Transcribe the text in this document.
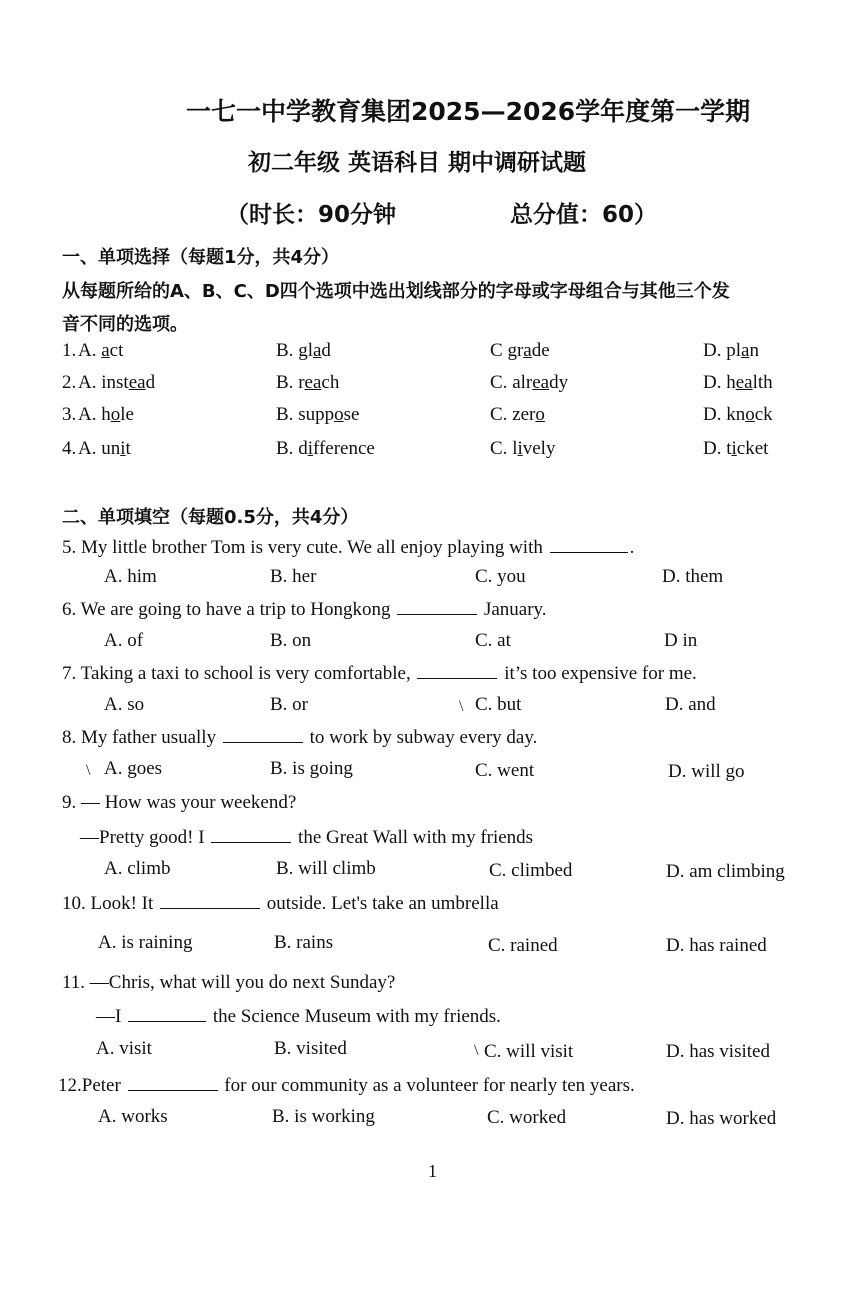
一七一中学教育集团2025—2026学年度第一学期
初二年级 英语科目 期中调研试题
（时长：90分钟	总分值：60）
一、单项选择（每题1分，共4分）
从每题所给的A、B、C、D四个选项中选出划线部分的字母或字母组合与其他三个发
音不同的选项。
1. A. act	B. glad	C grade	D. plan
2. A. instead	B. reach	C. already	D. health
3. A. hole	B. suppose	C. zero	D. knock
4. A. unit	B. difference	C. lively	D. ticket
二、单项填空（每题0.5分，共4分）
5. My little brother Tom is very cute. We all enjoy playing with	.
A. him	B. her	C. you	D. them
6. We are going to have a trip to Hongkong	January.
A. of	B. on	C. at	D in
7. Taking a taxi to school is very comfortable,	it’s too expensive for me.
A. so	B. or	\ C. but	D. and
8. My father usually	to work by subway every day.
\ A. goes	B. is going	C. went	D. will go
9. — How was your weekend?
—Pretty good! I	the Great Wall with my friends
A. climb	B. will climb	C. climbed	D. am climbing
10. Look! It	outside. Let's take an umbrella
A. is raining	B. rains	C. rained	D. has rained
11. —Chris, what will you do next Sunday?
—I	the Science Museum with my friends.
A. visit	B. visited	\ C. will visit	D. has visited
12.Peter	for our community as a volunteer for nearly ten years.
A. works	B. is working	C. worked	D. has worked
1
